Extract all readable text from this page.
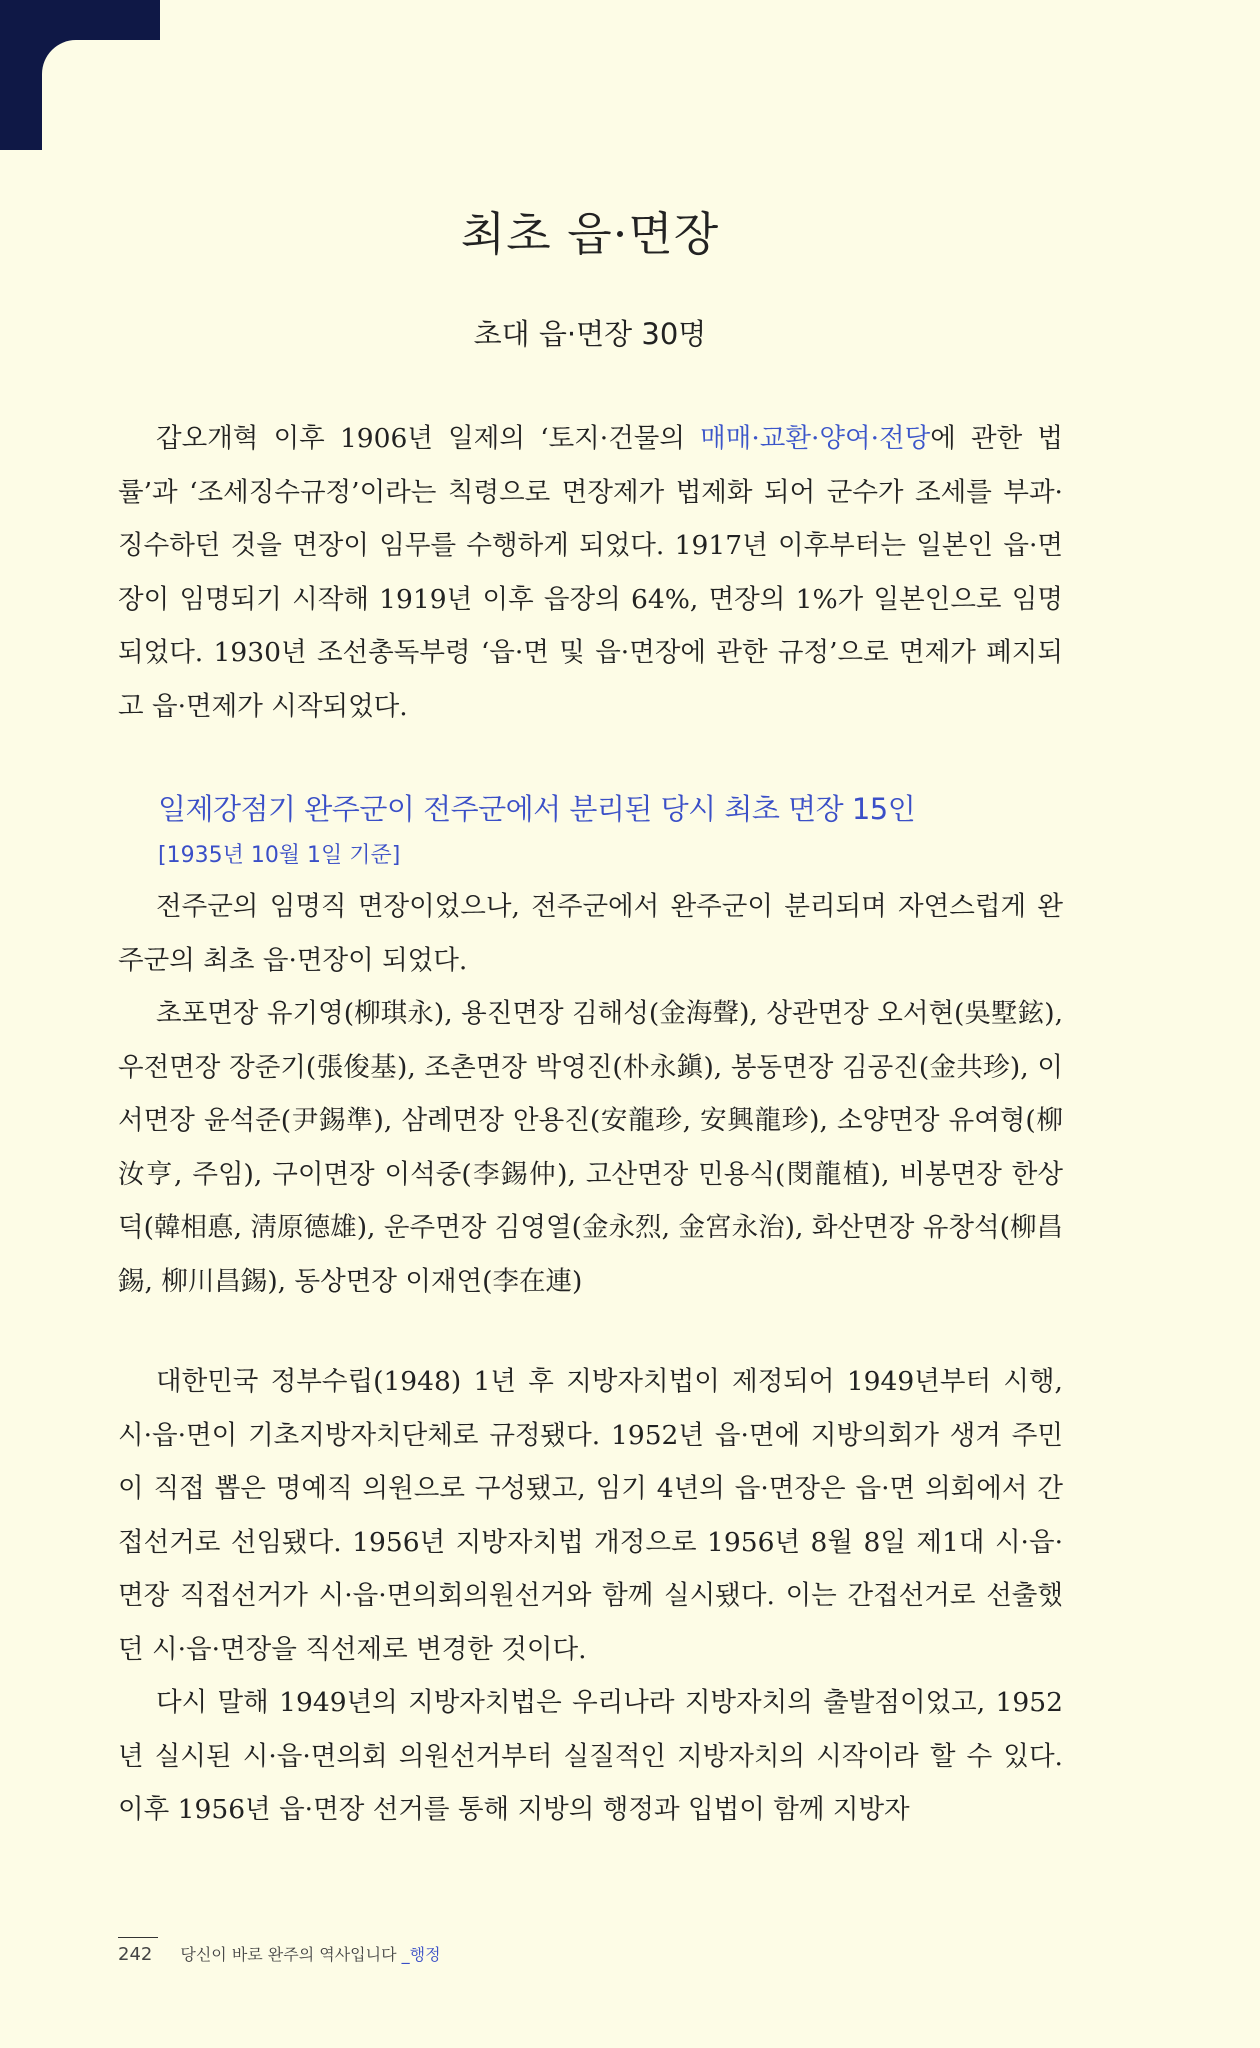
최초 읍·면장
초대 읍·면장 30명

갑오개혁 이후 1906년 일제의 ‘토지·건물의 매매·교환·양여·전당에 관한 법률’과 ‘조세징수규정’이라는 칙령으로 면장제가 법제화 되어 군수가 조세를 부과·징수하던 것을 면장이 임무를 수행하게 되었다. 1917년 이후부터는 일본인 읍·면장이 임명되기 시작해 1919년 이후 읍장의 64%, 면장의 1%가 일본인으로 임명되었다. 1930년 조선총독부령 ‘읍·면 및 읍·면장에 관한 규정’으로 면제가 폐지되고 읍·면제가 시작되었다.

일제강점기 완주군이 전주군에서 분리된 당시 최초 면장 15인
[1935년 10월 1일 기준]

전주군의 임명직 면장이었으나, 전주군에서 완주군이 분리되며 자연스럽게 완주군의 최초 읍·면장이 되었다.

초포면장 유기영(柳琪永), 용진면장 김해성(金海聲), 상관면장 오서현(吳墅鉉), 우전면장 장준기(張俊基), 조촌면장 박영진(朴永鎭), 봉동면장 김공진(金共珍), 이서면장 윤석준(尹錫準), 삼례면장 안용진(安龍珍, 安興龍珍), 소양면장 유여형(柳汝亨, 주임), 구이면장 이석중(李錫仲), 고산면장 민용식(閔龍植), 비봉면장 한상덕(韓相悳, 淸原德雄), 운주면장 김영열(金永烈, 金宮永治), 화산면장 유창석(柳昌錫, 柳川昌錫), 동상면장 이재연(李在連)

대한민국 정부수립(1948) 1년 후 지방자치법이 제정되어 1949년부터 시행, 시·읍·면이 기초지방자치단체로 규정됐다. 1952년 읍·면에 지방의회가 생겨 주민이 직접 뽑은 명예직 의원으로 구성됐고, 임기 4년의 읍·면장은 읍·면 의회에서 간접선거로 선임됐다. 1956년 지방자치법 개정으로 1956년 8월 8일 제1대 시·읍·면장 직접선거가 시·읍·면의회의원선거와 함께 실시됐다. 이는 간접선거로 선출했던 시·읍·면장을 직선제로 변경한 것이다.

다시 말해 1949년의 지방자치법은 우리나라 지방자치의 출발점이었고, 1952년 실시된 시·읍·면의회 의원선거부터 실질적인 지방자치의 시작이라 할 수 있다. 이후 1956년 읍·면장 선거를 통해 지방의 행정과 입법이 함께 지방자

242 당신이 바로 완주의 역사입니다 _행정
